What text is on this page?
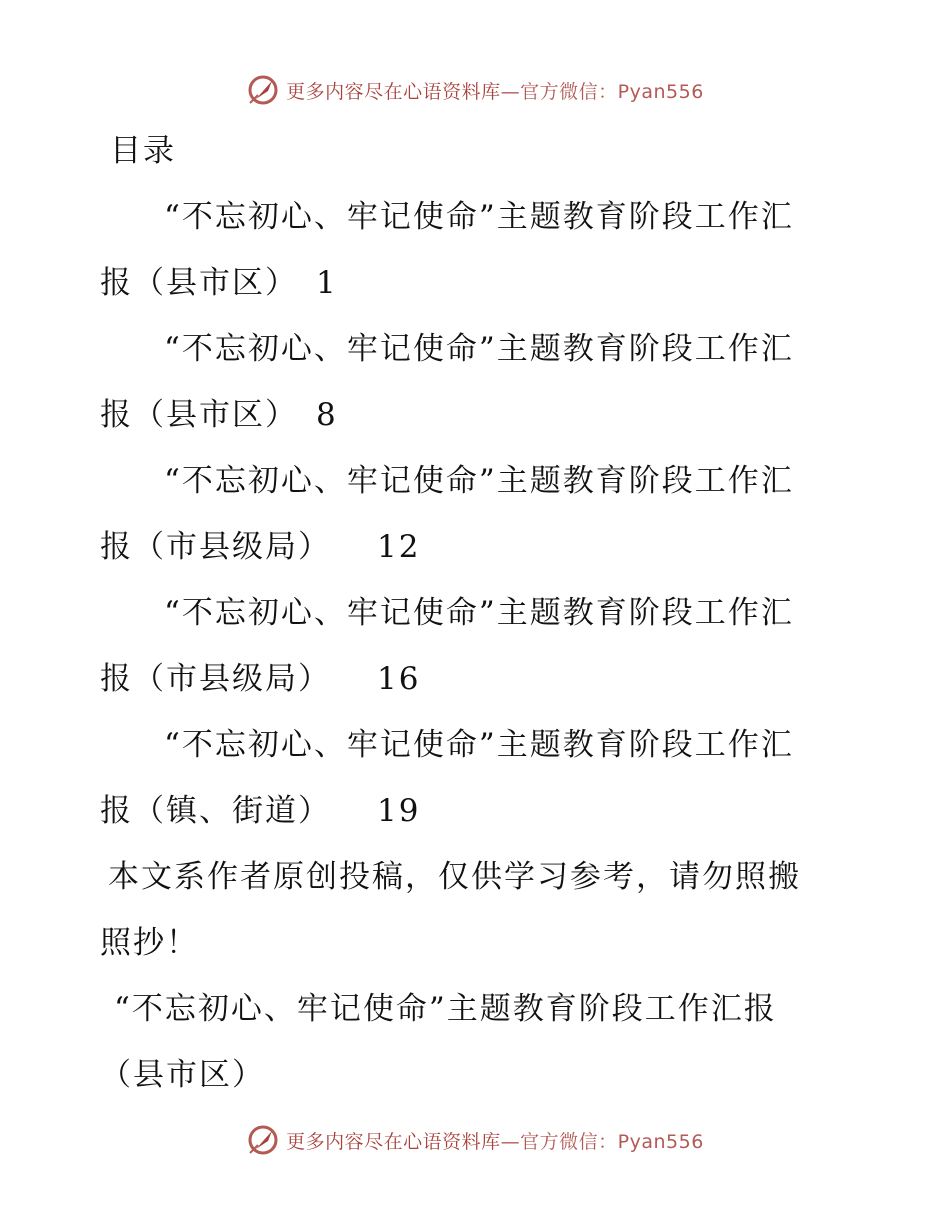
更多内容尽在心语资料库—官方微信：Pyan556
目录
“不忘初心、牢记使命”主题教育阶段工作汇
报（县市区） 1
“不忘初心、牢记使命”主题教育阶段工作汇
报（县市区） 8
“不忘初心、牢记使命”主题教育阶段工作汇
报（市县级局） 12
“不忘初心、牢记使命”主题教育阶段工作汇
报（市县级局） 16
“不忘初心、牢记使命”主题教育阶段工作汇
报（镇、街道） 19
本文系作者原创投稿，仅供学习参考，请勿照搬
照抄！
“不忘初心、牢记使命”主题教育阶段工作汇报
（县市区）
更多内容尽在心语资料库—官方微信：Pyan556
